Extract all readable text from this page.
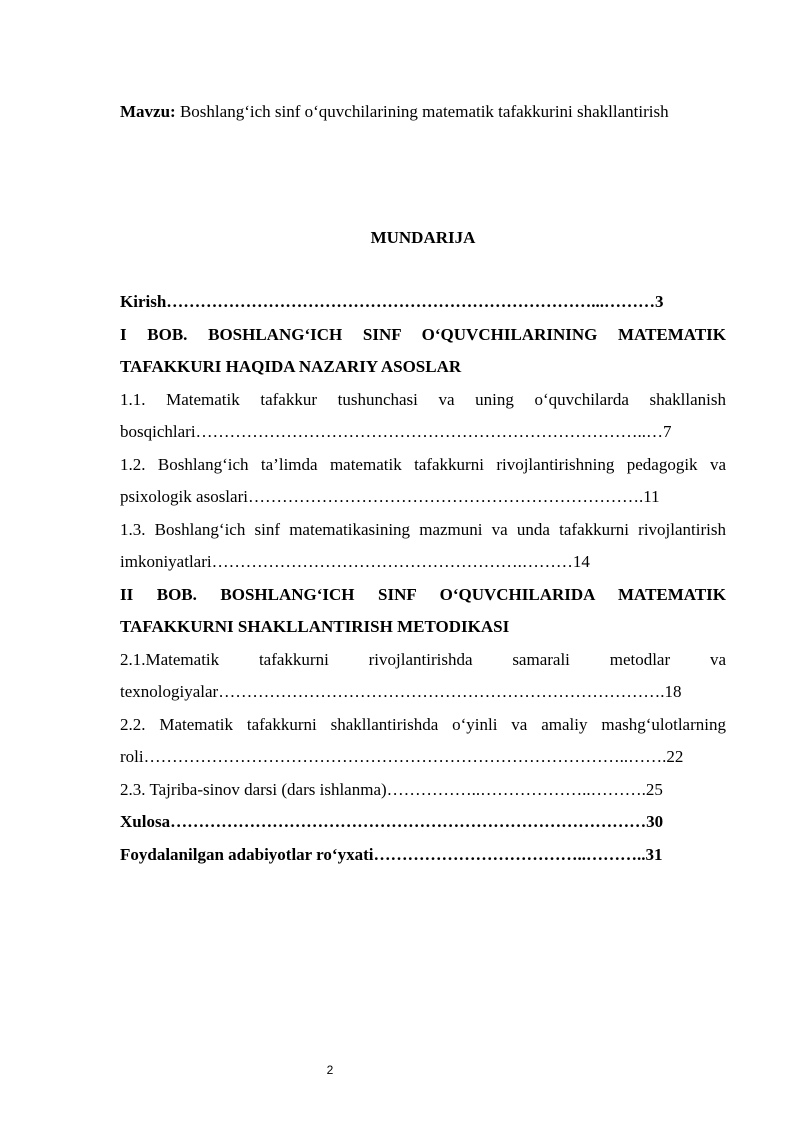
Mavzu: Boshlang‘ich sinf o‘quvchilarining matematik tafakkurini shakllantirish

MUNDARIJA

Kirish…………………………………………………………………...………3

I BOB. BOSHLANG‘ICH SINF O‘QUVCHILARINING MATEMATIK TAFAKKURI HAQIDA NAZARIY ASOSLAR

1.1. Matematik tafakkur tushunchasi va uning o‘quvchilarda shakllanish bosqichlari……………………………………………………………………..…7

1.2. Boshlang‘ich ta’limda matematik tafakkurni rivojlantirishning pedagogik va psixologik asoslari…………………………………………………………….11

1.3. Boshlang‘ich sinf matematikasining mazmuni va unda tafakkurni rivojlantirish imkoniyatlari……………………………………………….………14

II BOB. BOSHLANG‘ICH SINF O‘QUVCHILARIDA MATEMATIK TAFAKKURNI SHAKLLANTIRISH METODIKASI

2.1.Matematik tafakkurni rivojlantirishda samarali metodlar va texnologiyalar…………………………………………………………………….18

2.2. Matematik tafakkurni shakllantirishda o‘yinli va amaliy mashg‘ulotlarning roli…………………………………………………………………………..…….22

2.3. Tajriba-sinov darsi (dars ishlanma)……………..………………..……….25

Xulosa…………………………………………………………………………30

Foydalanilgan adabiyotlar ro‘yxati………………………………..………..31

2
